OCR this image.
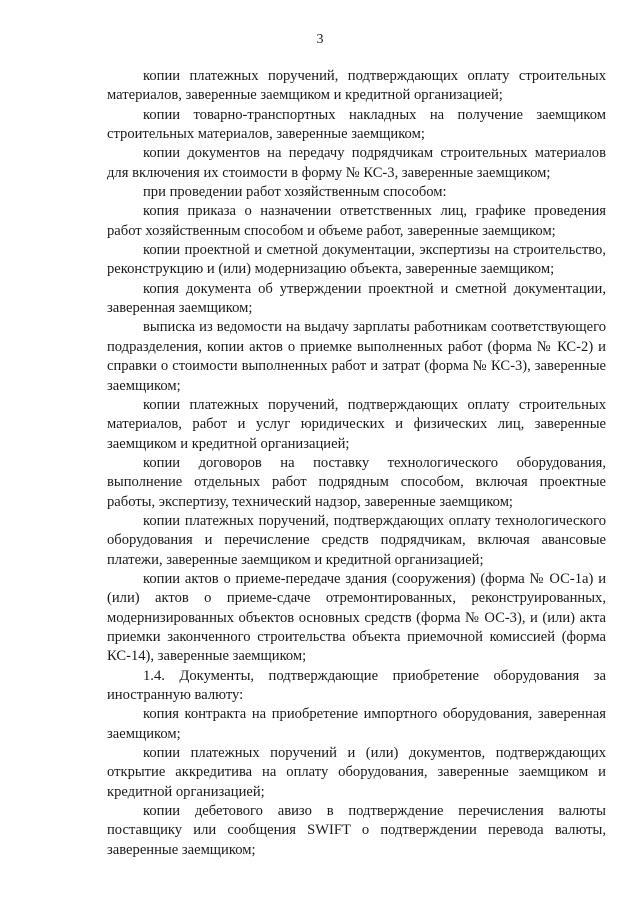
3

копии платежных поручений, подтверждающих оплату строительных материалов, заверенные заемщиком и кредитной организацией;

копии товарно-транспортных накладных на получение заемщиком строительных материалов, заверенные заемщиком;

копии документов на передачу подрядчикам строительных материалов для включения их стоимости в форму № КС-3, заверенные заемщиком;

при проведении работ хозяйственным способом:

копия приказа о назначении ответственных лиц, графике проведения работ хозяйственным способом и объеме работ, заверенные заемщиком;

копии проектной и сметной документации, экспертизы на строительство, реконструкцию и (или) модернизацию объекта, заверенные заемщиком;

копия документа об утверждении проектной и сметной документации, заверенная заемщиком;

выписка из ведомости на выдачу зарплаты работникам соответствующего подразделения, копии актов о приемке выполненных работ (форма № КС-2) и справки о стоимости выполненных работ и затрат (форма № КС-3), заверенные заемщиком;

копии платежных поручений, подтверждающих оплату строительных материалов, работ и услуг юридических и физических лиц, заверенные заемщиком и кредитной организацией;

копии договоров на поставку технологического оборудования, выполнение отдельных работ подрядным способом, включая проектные работы, экспертизу, технический надзор, заверенные заемщиком;

копии платежных поручений, подтверждающих оплату технологического оборудования и перечисление средств подрядчикам, включая авансовые платежи, заверенные заемщиком и кредитной организацией;

копии актов о приеме-передаче здания (сооружения) (форма № ОС-1а) и (или) актов о приеме-сдаче отремонтированных, реконструированных, модернизированных объектов основных средств (форма № ОС-3), и (или) акта приемки законченного строительства объекта приемочной комиссией (форма КС-14), заверенные заемщиком;

1.4. Документы, подтверждающие приобретение оборудования за иностранную валюту:

копия контракта на приобретение импортного оборудования, заверенная заемщиком;

копии платежных поручений и (или) документов, подтверждающих открытие аккредитива на оплату оборудования, заверенные заемщиком и кредитной организацией;

копии дебетового авизо в подтверждение перечисления валюты поставщику или сообщения SWIFT о подтверждении перевода валюты, заверенные заемщиком;
